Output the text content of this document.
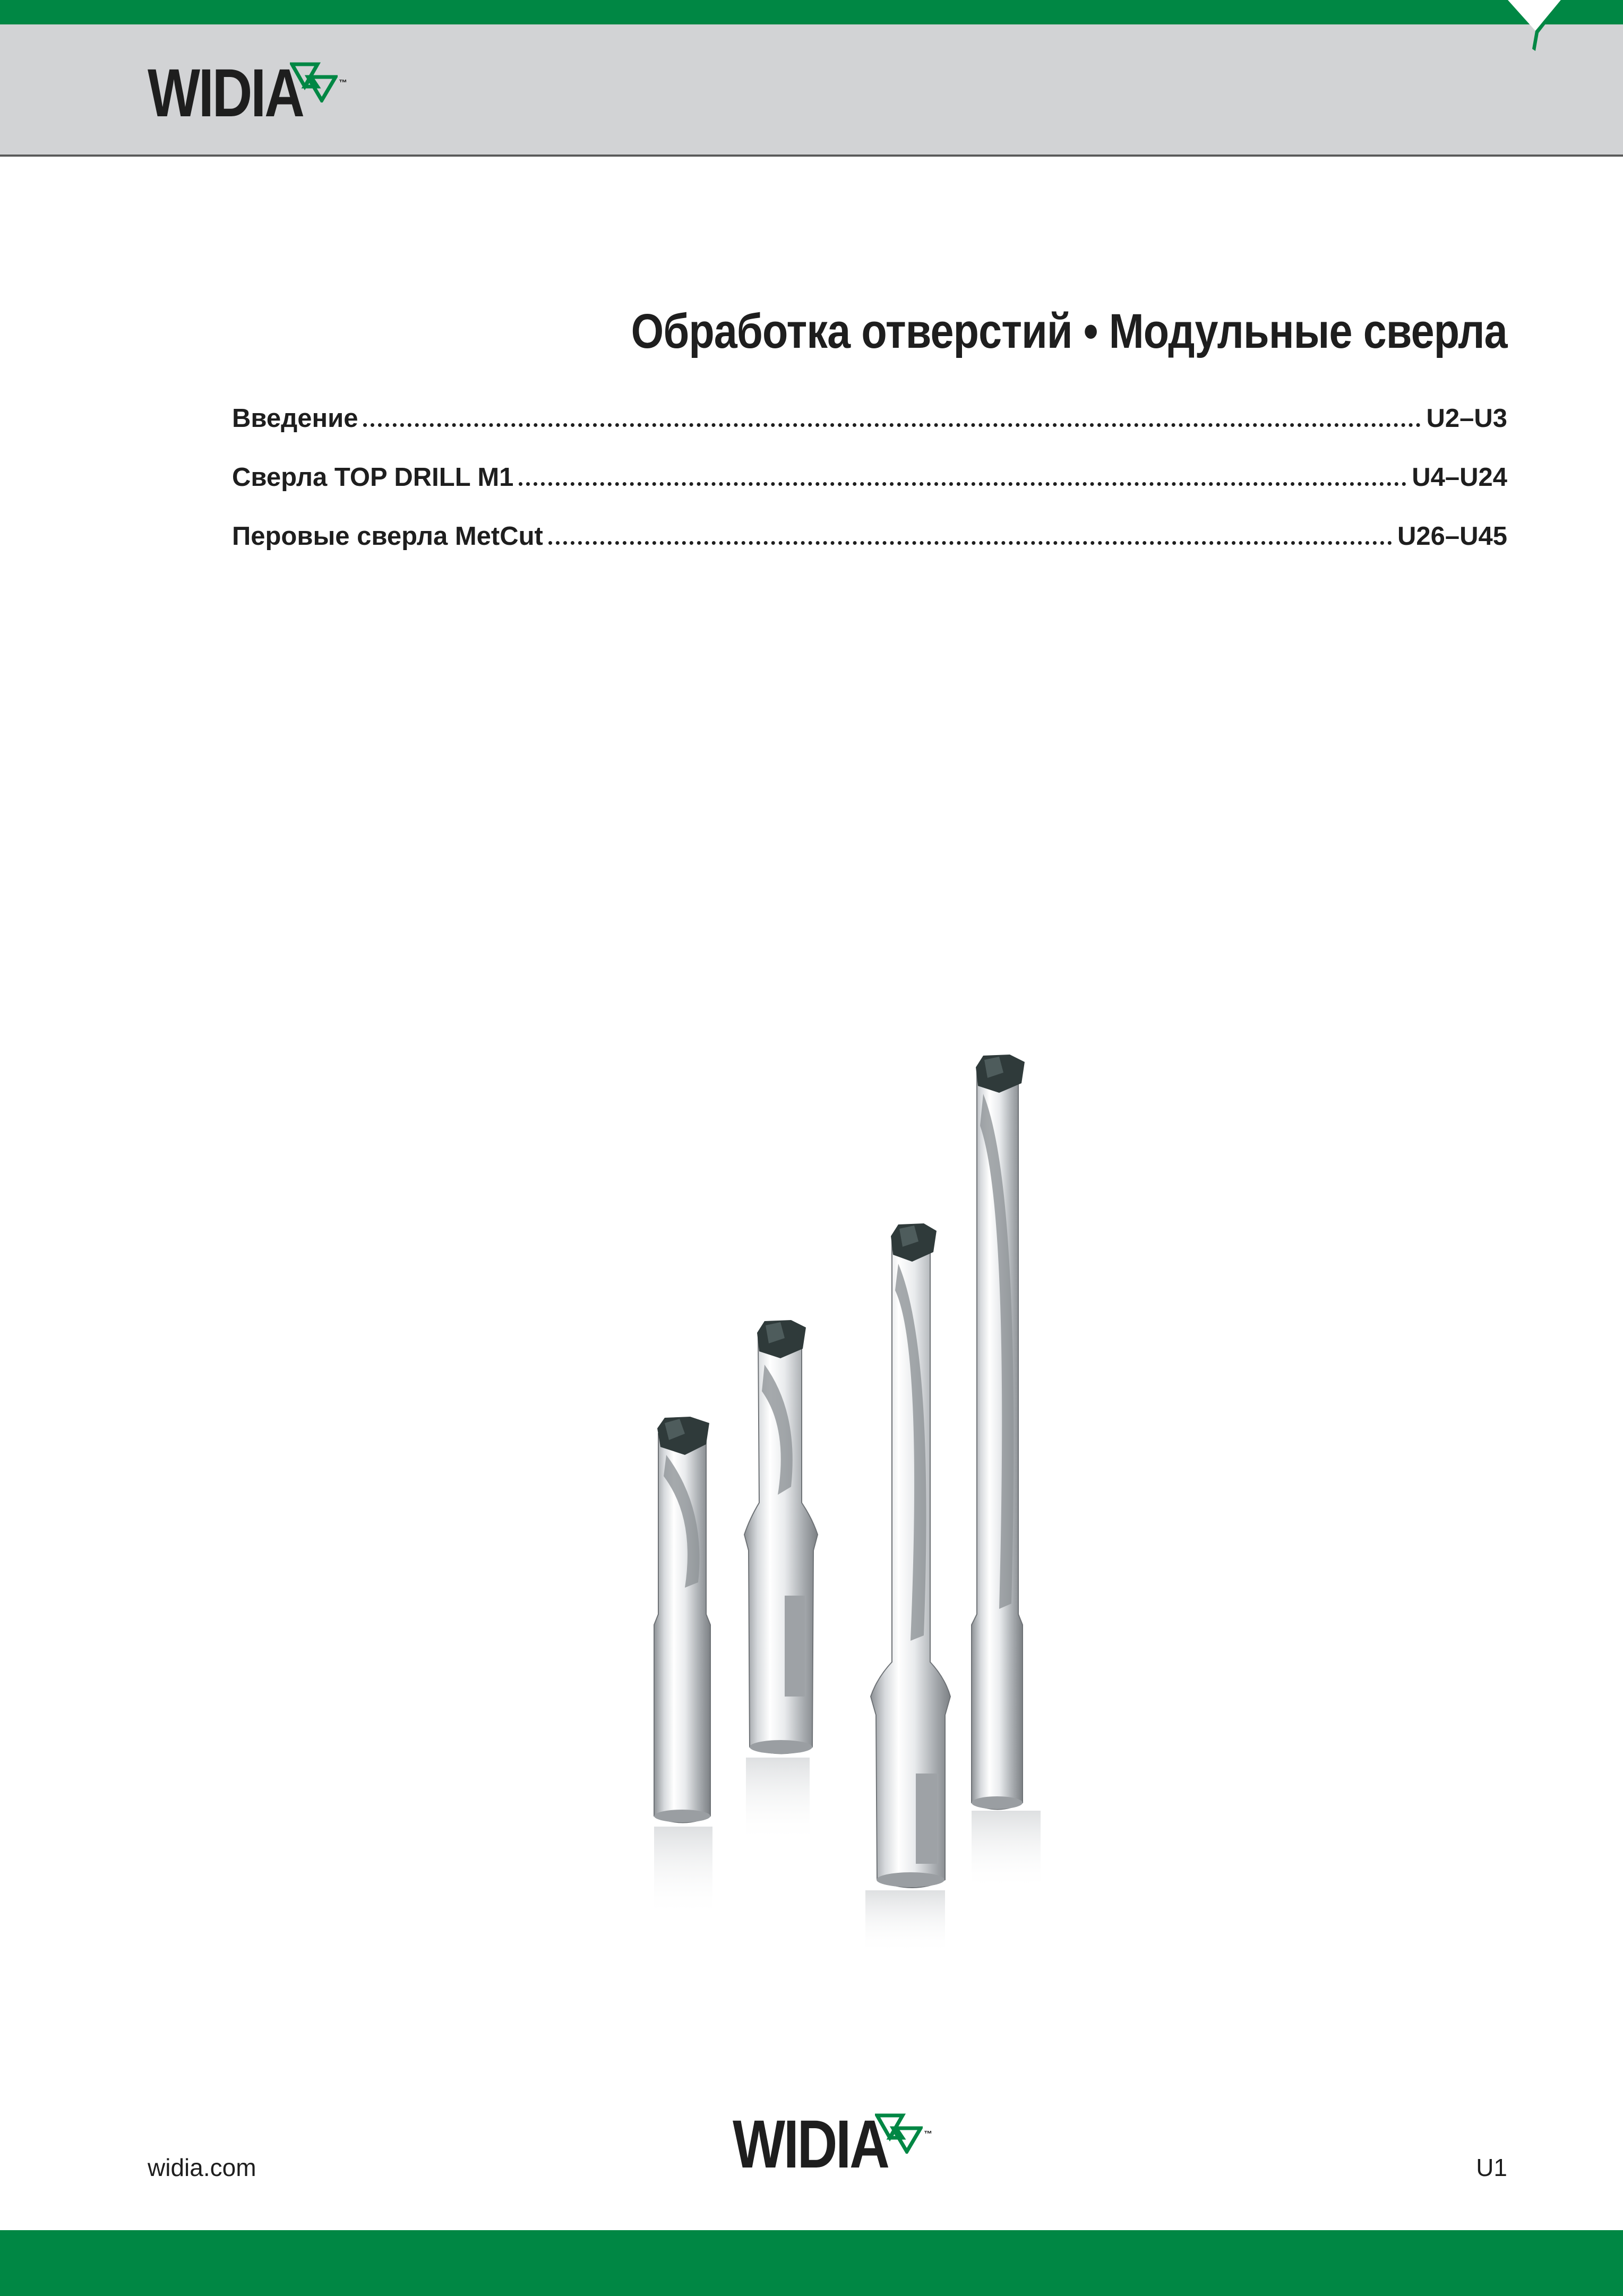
WIDIA	™
Обработка отверстий • Модульные сверла
Введение	U2–U3
Сверла TOP DRILL M1	U4–U24
Перовые сверла MetCut	U26–U45
WIDIA	™
widia.com	U1
